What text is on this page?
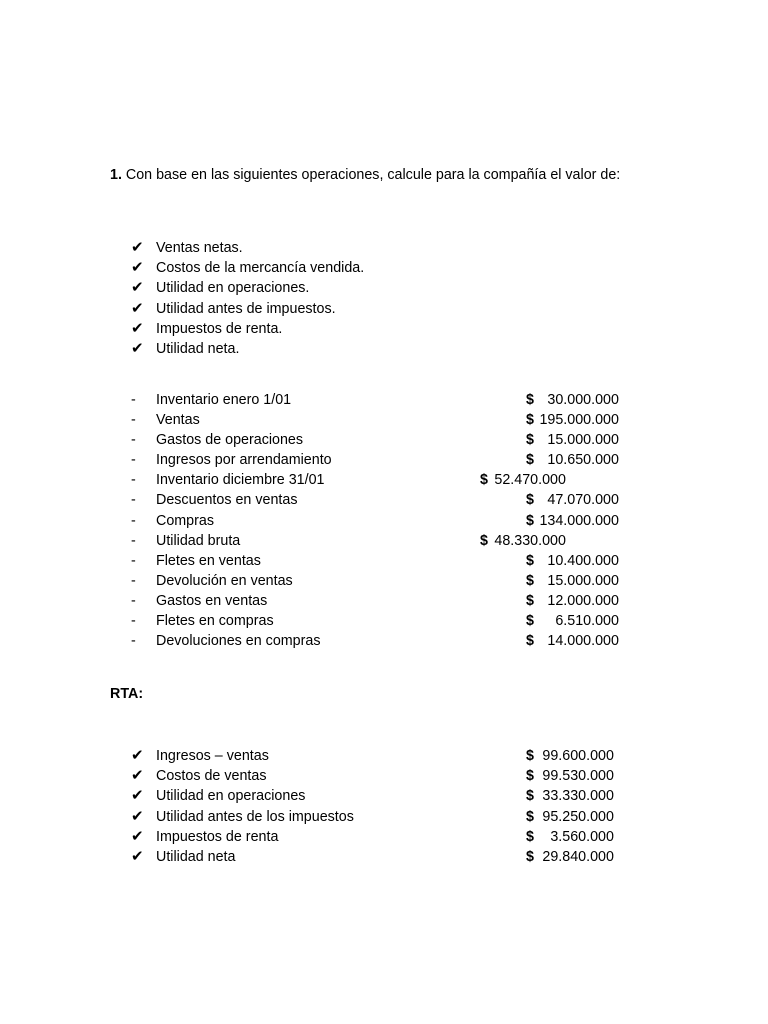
1. Con base en las siguientes operaciones, calcule para la compañía el valor de:

✔ Ventas netas.
✔ Costos de la mercancía vendida.
✔ Utilidad en operaciones.
✔ Utilidad antes de impuestos.
✔ Impuestos de renta.
✔ Utilidad neta.
- Inventario enero 1/01	$ 30.000.000
- Ventas	$ 195.000.000
- Gastos de operaciones	$ 15.000.000
- Ingresos por arrendamiento	$ 10.650.000
- Inventario diciembre 31/01	$ 52.470.000
- Descuentos en ventas	$ 47.070.000
- Compras	$ 134.000.000
- Utilidad bruta	$ 48.330.000
- Fletes en ventas	$ 10.400.000
- Devolución en ventas	$ 15.000.000
- Gastos en ventas	$ 12.000.000
- Fletes en compras	$ 6.510.000
- Devoluciones en compras	$ 14.000.000
RTA:
✔ Ingresos – ventas	$ 99.600.000
✔ Costos de ventas	$ 99.530.000
✔ Utilidad en operaciones	$ 33.330.000
✔ Utilidad antes de los impuestos	$ 95.250.000
✔ Impuestos de renta	$ 3.560.000
✔ Utilidad neta	$ 29.840.000
